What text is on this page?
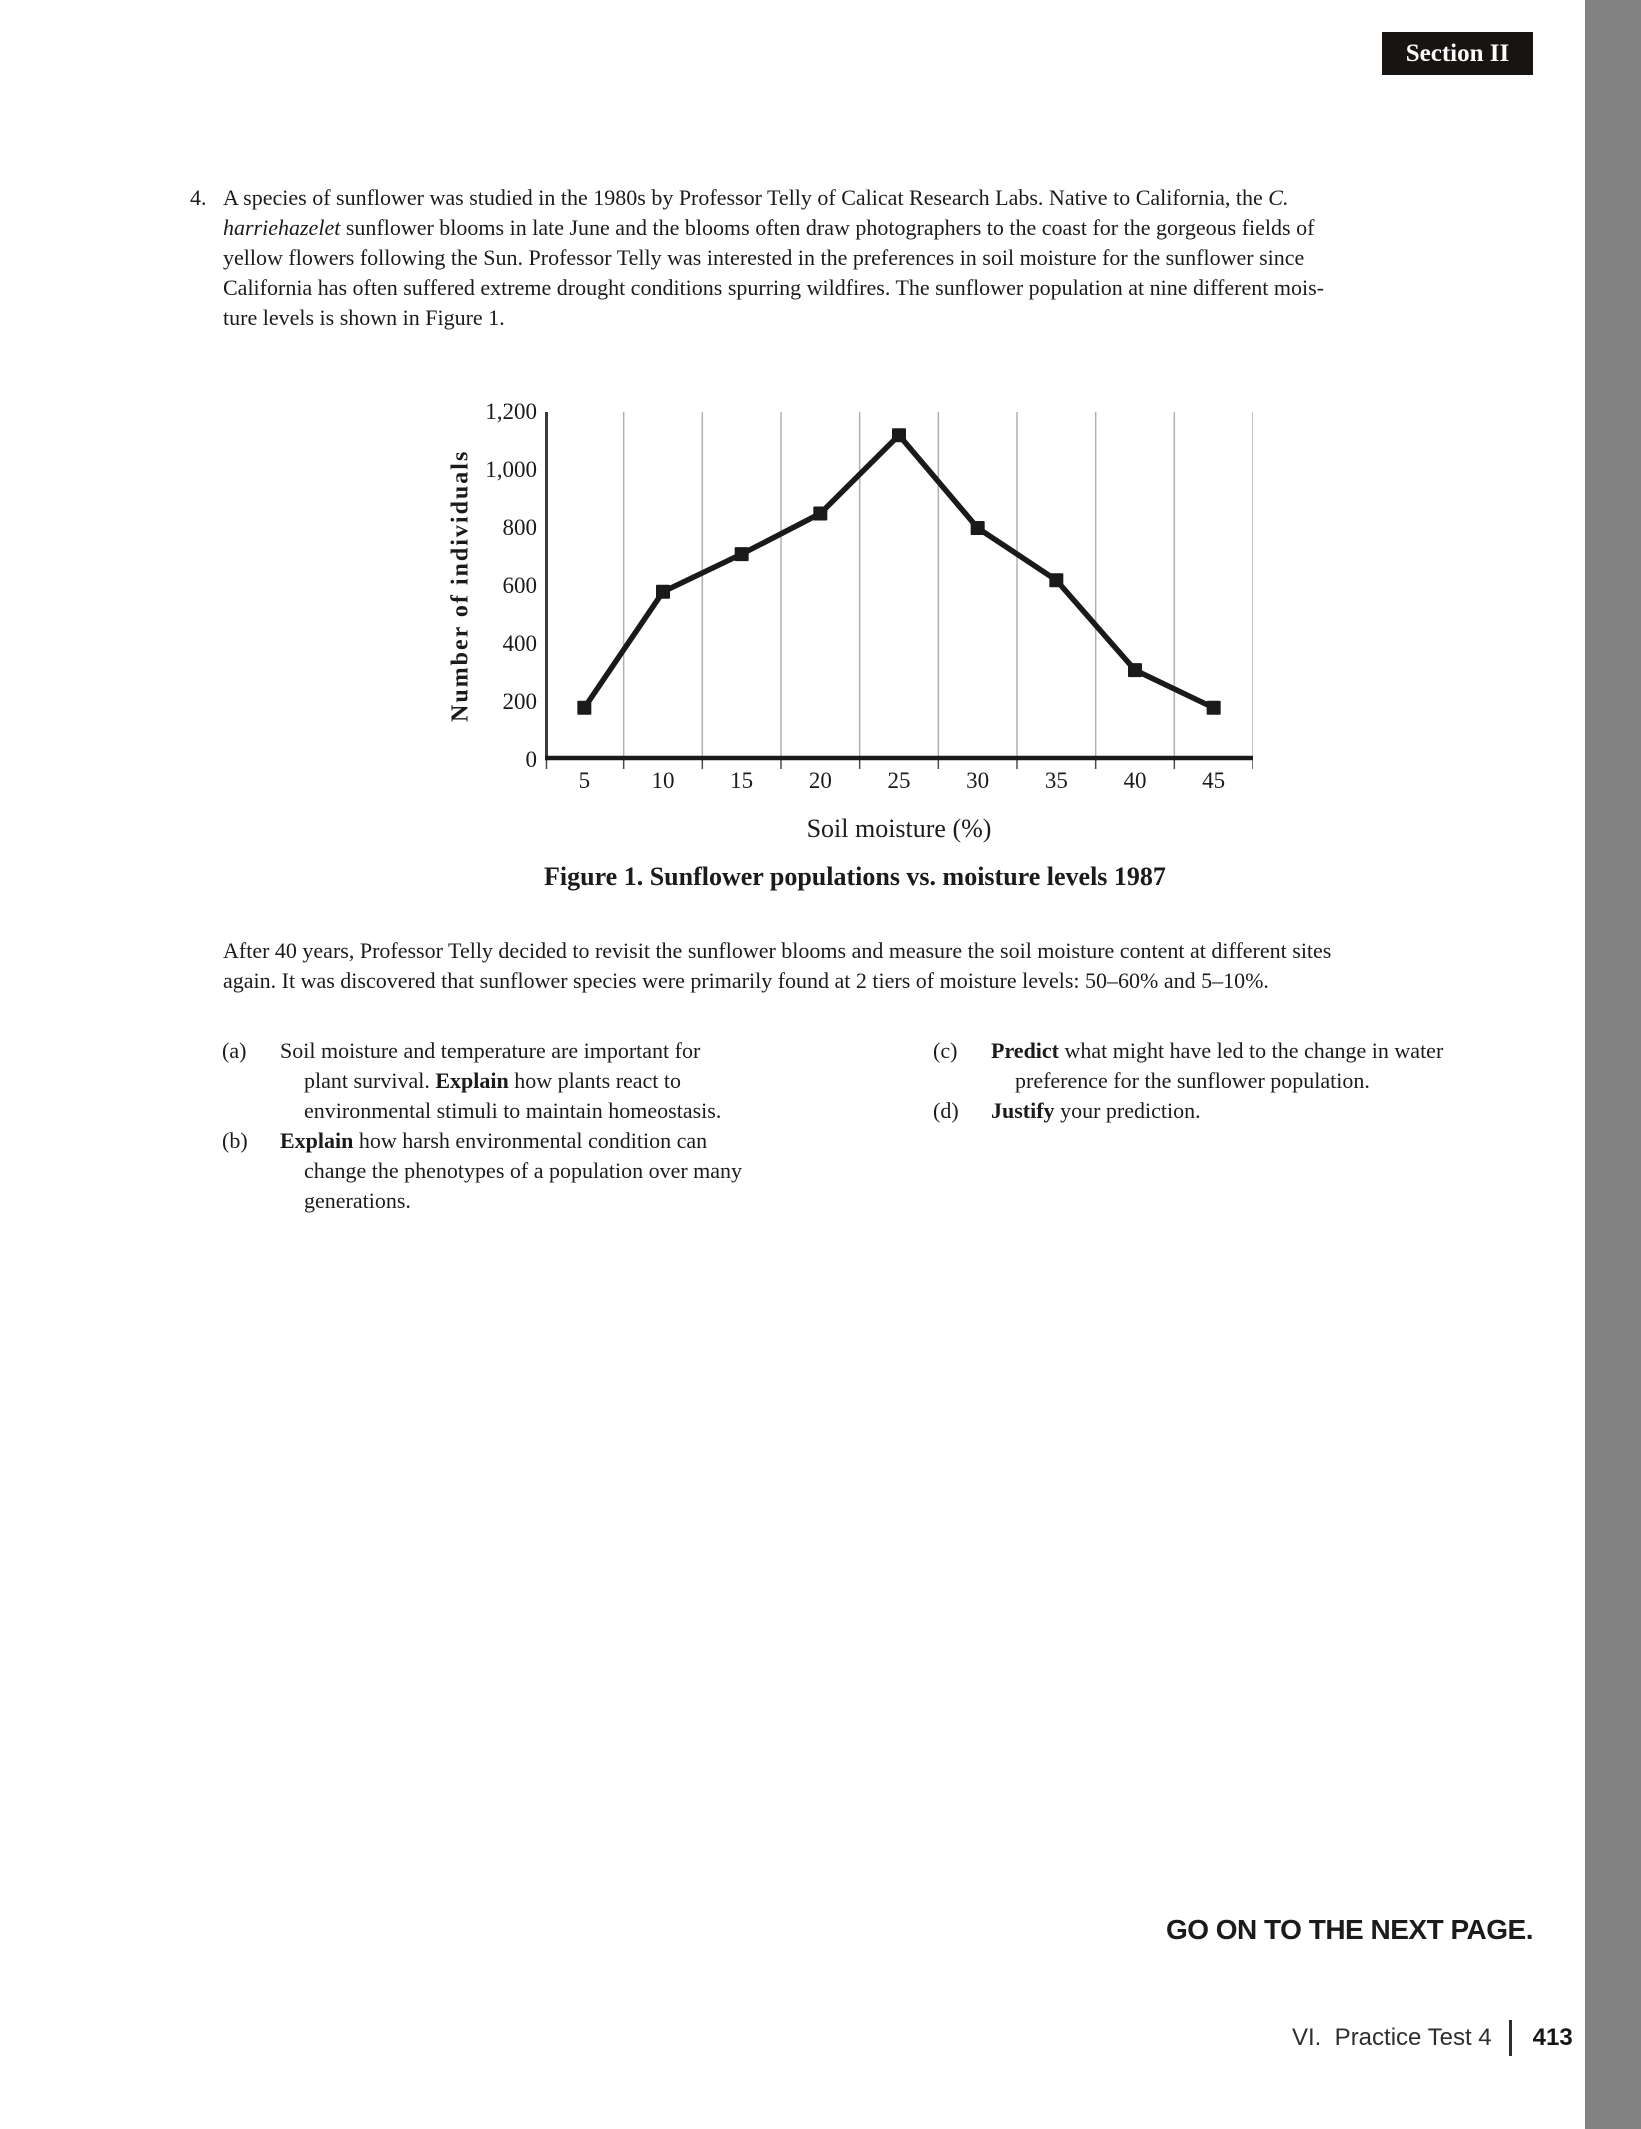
Section II
4. A species of sunflower was studied in the 1980s by Professor Telly of Calicat Research Labs. Native to California, the C.
harriehazelet sunflower blooms in late June and the blooms often draw photographers to the coast for the gorgeous fields of
yellow flowers following the Sun. Professor Telly was interested in the preferences in soil moisture for the sunflower since
California has often suffered extreme drought conditions spurring wildfires. The sunflower population at nine different mois-
ture levels is shown in Figure 1.
Number of individuals
0
200
400
600
800
1,000
1,200
5	10	15	20	25	30	35	40	45
Soil moisture (%)
Figure 1. Sunflower populations vs. moisture levels 1987
After 40 years, Professor Telly decided to revisit the sunflower blooms and measure the soil moisture content at different sites
again. It was discovered that sunflower species were primarily found at 2 tiers of moisture levels: 50–60% and 5–10%.
(a)	Soil moisture and temperature are important for
plant survival. Explain how plants react to
environmental stimuli to maintain homeostasis.
(b)	Explain how harsh environmental condition can
change the phenotypes of a population over many
generations.
(c)	Predict what might have led to the change in water
preference for the sunflower population.
(d)	Justify your prediction.
GO ON TO THE NEXT PAGE.
VI.  Practice Test 4 413
